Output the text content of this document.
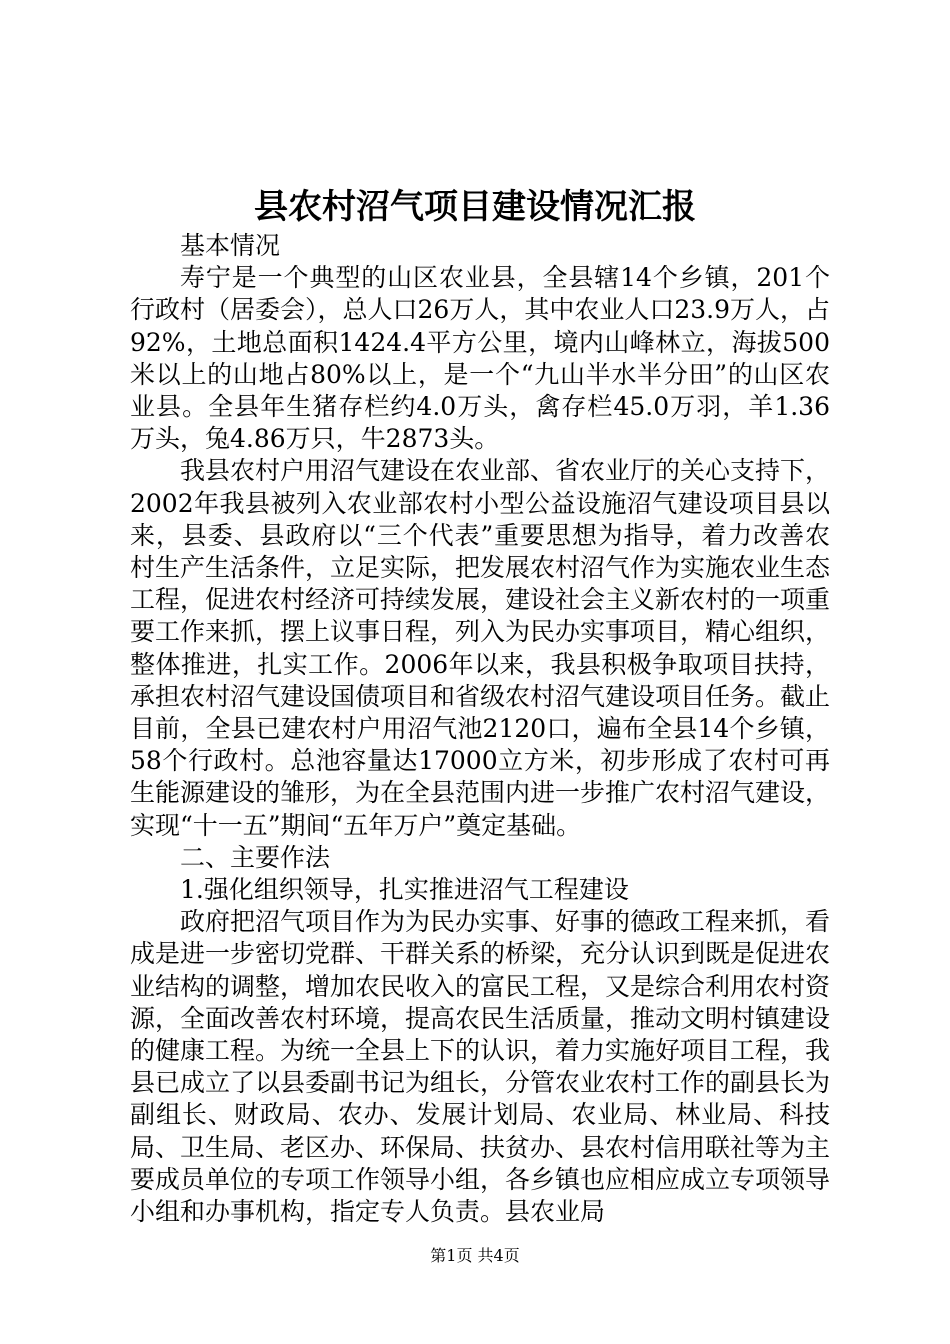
县农村沼气项目建设情况汇报

基本情况

寿宁是一个典型的山区农业县，全县辖14个乡镇，201个行政村（居委会），总人口26万人，其中农业人口23.9万人，占92%，土地总面积1424.4平方公里，境内山峰林立，海拔500米以上的山地占80%以上，是一个“九山半水半分田”的山区农业县。全县年生猪存栏约4.0万头，禽存栏45.0万羽，羊1.36万头，兔4.86万只，牛2873头。

我县农村户用沼气建设在农业部、省农业厅的关心支持下，2002年我县被列入农业部农村小型公益设施沼气建设项目县以来，县委、县政府以“三个代表”重要思想为指导，着力改善农村生产生活条件，立足实际，把发展农村沼气作为实施农业生态工程，促进农村经济可持续发展，建设社会主义新农村的一项重要工作来抓，摆上议事日程，列入为民办实事项目，精心组织，整体推进，扎实工作。2006年以来，我县积极争取项目扶持，承担农村沼气建设国债项目和省级农村沼气建设项目任务。截止目前，全县已建农村户用沼气池2120口，遍布全县14个乡镇，58个行政村。总池容量达17000立方米，初步形成了农村可再生能源建设的雏形，为在全县范围内进一步推广农村沼气建设，实现“十一五”期间“五年万户”奠定基础。

二、主要作法

1.强化组织领导，扎实推进沼气工程建设

政府把沼气项目作为为民办实事、好事的德政工程来抓，看成是进一步密切党群、干群关系的桥梁，充分认识到既是促进农业结构的调整，增加农民收入的富民工程，又是综合利用农村资源，全面改善农村环境，提高农民生活质量，推动文明村镇建设的健康工程。为统一全县上下的认识，着力实施好项目工程，我县已成立了以县委副书记为组长，分管农业农村工作的副县长为副组长、财政局、农办、发展计划局、农业局、林业局、科技局、卫生局、老区办、环保局、扶贫办、县农村信用联社等为主要成员单位的专项工作领导小组，各乡镇也应相应成立专项领导小组和办事机构，指定专人负责。县农业局

第1页 共4页
